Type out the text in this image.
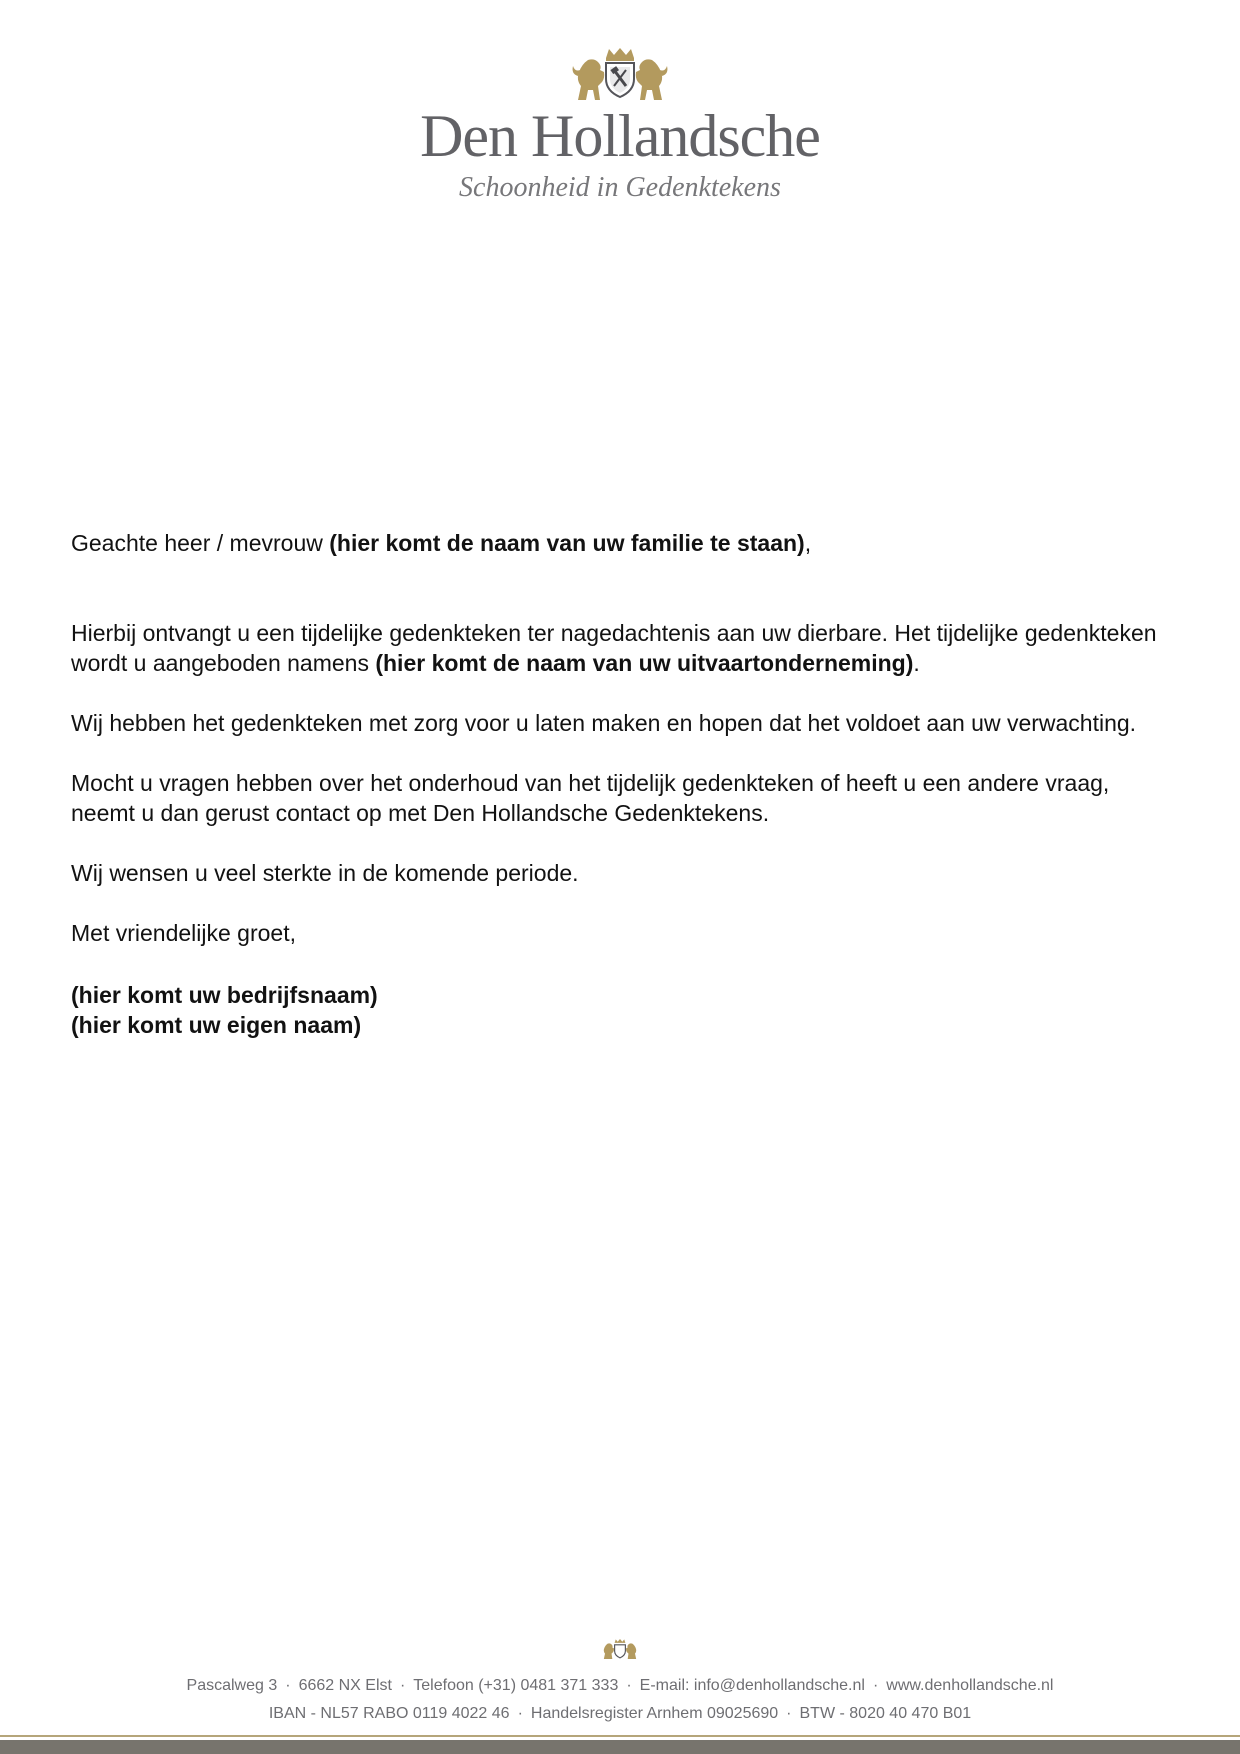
Den Hollandsche
Schoonheid in Gedenktekens

Geachte heer / mevrouw (hier komt de naam van uw familie te staan),

Hierbij ontvangt u een tijdelijke gedenkteken ter nagedachtenis aan uw dierbare. Het tijdelijke gedenkteken wordt u aangeboden namens (hier komt de naam van uw uitvaartonderneming).

Wij hebben het gedenkteken met zorg voor u laten maken en hopen dat het voldoet aan uw verwachting.

Mocht u vragen hebben over het onderhoud van het tijdelijk gedenkteken of heeft u een andere vraag, neemt u dan gerust contact op met Den Hollandsche Gedenktekens.

Wij wensen u veel sterkte in de komende periode.

Met vriendelijke groet,

(hier komt uw bedrijfsnaam)

(hier komt uw eigen naam)

Pascalweg 3 · 6662 NX Elst · Telefoon (+31) 0481 371 333 · E-mail: info@denhollandsche.nl · www.denhollandsche.nl
IBAN - NL57 RABO 0119 4022 46 · Handelsregister Arnhem 09025690 · BTW - 8020 40 470 B01
